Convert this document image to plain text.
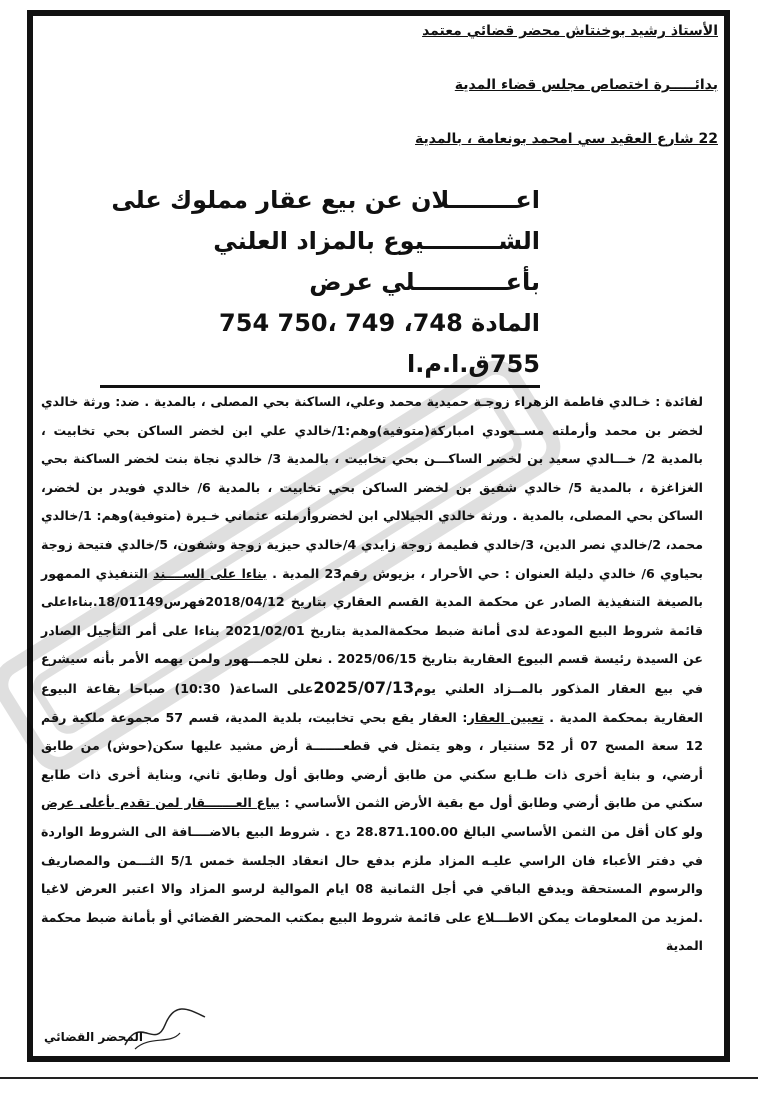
الأستاذ رشيد بوخنتاش محضر قضائي معتمد
بدائـــــرة اختصاص مجلس قضاء المدية
22 شارع العقيد سي امحمد بونعامة ، بالمدية
اعــــــــلان عن بيع عقار مملوك على
الشـــــــــيوع بالمزاد العلني
بأعـــــــــــلي عرض
المادة 748، 749 ،750 754 755ق.ا.م.ا
لفائدة : خـالدي فاطمة الزهراء زوجـة حميدية محمد وعلي، الساكنة بحي المصلى ، بالمدية . ضد: ورثة خالدي لخضر بن محمد وأرملته مســعودي امباركة(متوفية)وهم:1/خالدي علي ابن لخضر الساكن بحي تخابيت ، بالمدية 2/ خـــالدي سعيد بن لخضر الساكـــن بحي تخابيت ، بالمدية 3/ خالدي نجاة بنت لخضر الساكنة بحي الغزاغزة ، بالمدية 5/ خالدي شفيق بن لخضر الساكن بحي تخابيت ، بالمدية 6/ خالدي فويدر بن لخضر، الساكن بحي المصلى، بالمدية . ورثة خالدي الجيلالي ابن لخضروأرملته عثماني خـيرة (متوفية)وهم: 1/خالدي محمد، 2/خالدي نصر الدين، 3/خالدي فطيمة زوجة زايدي 4/خالدي حيزية زوجة وشفون، 5/خالدي فتيحة زوجة بحياوي 6/ خالدي دليلة العنوان : حي الأحرار ، بزيوش رقم23 المدية . بناءا على الســــند التنفيذي الممهور بالصيغة التنفيذية الصادر عن محكمة المدية القسم العقاري بتاريخ 2018/04/12فهرس18/01149.بناءاعلى قائمة شروط البيع المودعة لدى أمانة ضبط محكمةالمدية بتاريخ 2021/02/01 بناءا على أمر التأجيل الصادر عن السيدة رئيسة قسم البيوع العقارية بتاريخ 2025/06/15 . نعلن للجمـــهور ولمن يهمه الأمر بأنه سيشرع في بيع العقار المذكور بالمــزاد العلني يوم2025/07/13على الساعة( 10:30) صباحا بقاعة البيوع العقارية بمحكمة المدية . تعيين العقار: العقار يقع بحي تخابيت، بلدية المدية، قسم 57 مجموعة ملكية رقم 12 سعة المسح 07 أر 52 سنتيار ، وهو يتمثل في قطعـــــــة أرض مشيد عليها سكن(حوش) من طابق أرضي، و بناية أخرى ذات طـابع سكني من طابق أرضي وطابق أول وطابق ثاني، وبناية أخرى ذات طابع سكني من طابق أرضي وطابق أول مع بقية الأرض الثمن الأساسي : يباع العـــــــقار لمن تقدم بأعلى عرض ولو كان أقل من الثمن الأساسي البالغ 28.871.100.00 دج . شروط البيع بالاضــــافة الى الشروط الواردة في دفتر الأعباء فان الراسي عليـه المزاد ملزم بدفع حال انعقاد الجلسة خمس 5/1 الثـــمن والمصاريف والرسوم المستحقة ويدفع الباقي في أجل الثمانية 08 ايام الموالية لرسو المزاد والا اعتبر العرض لاغيا .لمزيد من المعلومات يمكن الاطـــلاع على قائمة شروط البيع بمكتب المحضر القضائي أو بأمانة ضبط محكمة المدية
المحضر القضائي
